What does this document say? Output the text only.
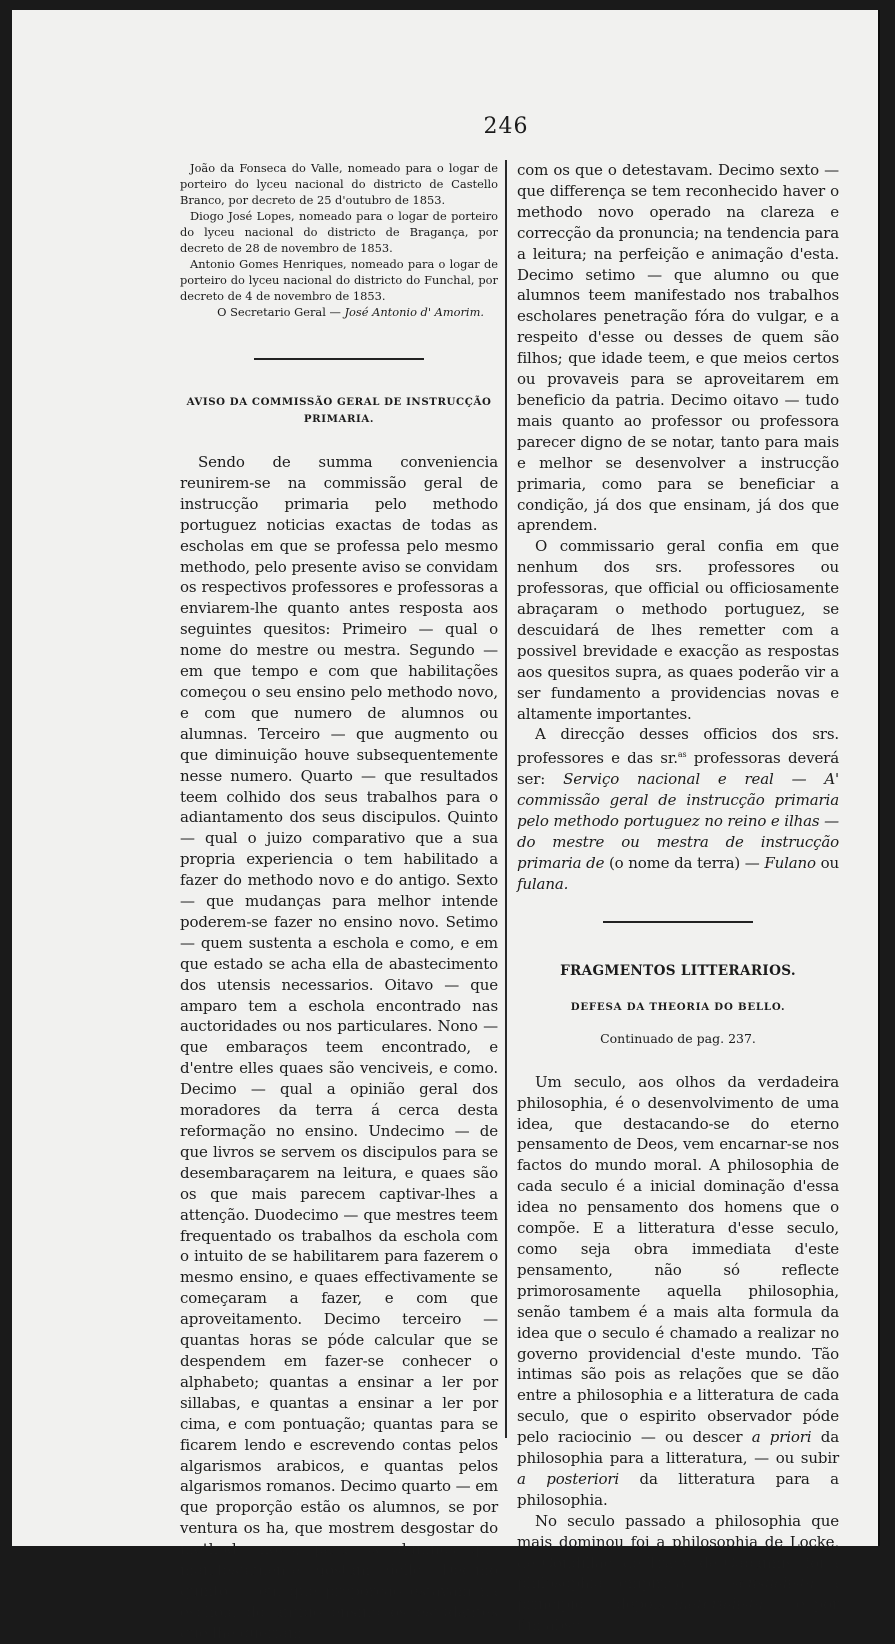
246

João da Fonseca do Valle, nomeado para o logar de porteiro do lyceu nacional do districto de Castello Branco, por decreto de 25 d'outubro de 1853.

Diogo José Lopes, nomeado para o logar de porteiro do lyceu nacional do districto de Bragança, por decreto de 28 de novembro de 1853.

Antonio Gomes Henriques, nomeado para o logar de porteiro do lyceu nacional do districto do Funchal, por decreto de 4 de novembro de 1853.

O Secretario Geral — José Antonio d' Amorim.

AVISO DA COMMISSÃO GERAL DE INSTRUCÇÃO PRIMARIA.

Sendo de summa conveniencia reunirem-se na commissão geral de instrucção primaria pelo methodo portuguez noticias exactas de todas as escholas em que se professa pelo mesmo methodo, pelo presente aviso se convidam os respectivos professores e professoras a enviarem-lhe quanto antes resposta aos seguintes quesitos: Primeiro — qual o nome do mestre ou mestra. Segundo — em que tempo e com que habilitações começou o seu ensino pelo methodo novo, e com que numero de alumnos ou alumnas. Terceiro — que augmento ou que diminuição houve subsequentemente nesse numero. Quarto — que resultados teem colhido dos seus trabalhos para o adiantamento dos seus discipulos. Quinto — qual o juizo comparativo que a sua propria experiencia o tem habilitado a fazer do methodo novo e do antigo. Sexto — que mudanças para melhor intende poderem-se fazer no ensino novo. Setimo — quem sustenta a eschola e como, e em que estado se acha ella de abastecimento dos utensis necessarios. Oitavo — que amparo tem a eschola encontrado nas auctoridades ou nos particulares. Nono — que embaraços teem encontrado, e d'entre elles quaes são venciveis, e como. Decimo — qual a opinião geral dos moradores da terra á cerca desta reformação no ensino. Undecimo — de que livros se servem os discipulos para se desembaraçarem na leitura, e quaes são os que mais parecem captivar-lhes a attenção. Duodecimo — que mestres teem frequentado os trabalhos da eschola com o intuito de se habilitarem para fazerem o mesmo ensino, e quaes effectivamente se começaram a fazer, e com que aproveitamento. Decimo terceiro — quantas horas se póde calcular que se despendem em fazer-se conhecer o alphabeto; quantas a ensinar a ler por sillabas, e quantas a ensinar a ler por cima, e com pontuação; quantas para se ficarem lendo e escrevendo contas pelos algarismos arabicos, e quantas pelos algarismos romanos. Decimo quarto — em que proporção estão os alumnos, se por ventura os ha, que mostrem desgostar do methodo novo, para os alumnos que manifestamente gostam delle. Decimo quinto — em que proporção estavam na eschola do antigo ensino os estudantes que lhe queriam

com os que o detestavam. Decimo sexto — que differença se tem reconhecido haver o methodo novo operado na clareza e correcção da pronuncia; na tendencia para a leitura; na perfeição e animação d'esta. Decimo setimo — que alumno ou que alumnos teem manifestado nos trabalhos escholares penetração fóra do vulgar, e a respeito d'esse ou desses de quem são filhos; que idade teem, e que meios certos ou provaveis para se aproveitarem em beneficio da patria. Decimo oitavo — tudo mais quanto ao professor ou professora parecer digno de se notar, tanto para mais e melhor se desenvolver a instrucção primaria, como para se beneficiar a condição, já dos que ensinam, já dos que aprendem.

O commissario geral confia em que nenhum dos srs. professores ou professoras, que official ou officiosamente abraçaram o methodo portuguez, se descuidará de lhes remetter com a possivel brevidade e exacção as respostas aos quesitos supra, as quaes poderão vir a ser fundamento a providencias novas e altamente importantes.

A direcção desses officios dos srs. professores e das sr.$^{as}$ professoras deverá ser: Serviço nacional e real — A' commissão geral de instrucção primaria pelo methodo portuguez no reino e ilhas — do mestre ou mestra de instrucção primaria de (o nome da terra) — Fulano ou fulana.

FRAGMENTOS LITTERARIOS.

DEFESA DA THEORIA DO BELLO.

Continuado de pag. 237.

Um seculo, aos olhos da verdadeira philosophia, é o desenvolvimento de uma idea, que destacando-se do eterno pensamento de Deos, vem encarnar-se nos factos do mundo moral. A philosophia de cada seculo é a inicial dominação d'essa idea no pensamento dos homens que o compõe. E a litteratura d'esse seculo, como seja obra immediata d'este pensamento, não só reflecte primorosamente aquella philosophia, senão tambem é a mais alta formula da idea que o seculo é chamado a realizar no governo providencial d'este mundo. Tão intimas são pois as relações que se dão entre a philosophia e a litteratura de cada seculo, que o espirito observador póde pelo raciocinio — ou descer a priori da philosophia para a litteratura, — ou subir a posteriori da litteratura para a philosophia.

No seculo passado a philosophia que mais dominou foi a philosophia de Locke, de Condillac, de Tracy, de Cabannis; foi a philosophia empirica — sensualista a principio — depois materialista — e por fim abso-
